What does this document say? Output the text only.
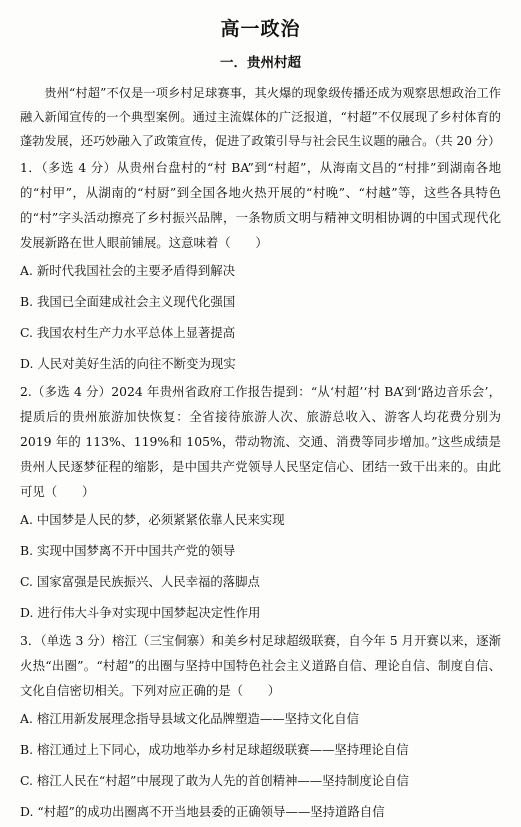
高一政治
一．贵州村超

贵州“村超”不仅是一项乡村足球赛事，其火爆的现象级传播还成为观察思想政治工作融入新闻宣传的一个典型案例。通过主流媒体的广泛报道，“村超”不仅展现了乡村体育的蓬勃发展，还巧妙融入了政策宣传，促进了政策引导与社会民生议题的融合。（共 20 分）

1．（多选 4 分）从贵州台盘村的“村 BA”到“村超”，从海南文昌的“村排”到湖南各地的“村甲”，从湖南的“村厨”到全国各地火热开展的“村晚”、“村越”等，这些各具特色的“村”字头活动擦亮了乡村振兴品牌，一条物质文明与精神文明相协调的中国式现代化发展新路在世人眼前铺展。这意味着（　　）

A. 新时代我国社会的主要矛盾得到解决

B. 我国已全面建成社会主义现代化强国

C. 我国农村生产力水平总体上显著提高

D. 人民对美好生活的向往不断变为现实

2.（多选 4 分）2024 年贵州省政府工作报告提到：“从‘村超’‘村 BA’到‘路边音乐会’，提质后的贵州旅游加快恢复：全省接待旅游人次、旅游总收入、游客人均花费分别为 2019 年的 113%、119%和 105%，带动物流、交通、消费等同步增加。”这些成绩是贵州人民逐梦征程的缩影，是中国共产党领导人民坚定信心、团结一致干出来的。由此可见（　　）

A. 中国梦是人民的梦，必须紧紧依靠人民来实现

B. 实现中国梦离不开中国共产党的领导

C. 国家富强是民族振兴、人民幸福的落脚点

D. 进行伟大斗争对实现中国梦起决定性作用

3．（单选 3 分）榕江（三宝侗寨）和美乡村足球超级联赛，自今年 5 月开赛以来，逐渐火热“出圈”。“村超”的出圈与坚持中国特色社会主义道路自信、理论自信、制度自信、文化自信密切相关。下列对应正确的是（　　）

A. 榕江用新发展理念指导县域文化品牌塑造——坚持文化自信

B. 榕江通过上下同心，成功地举办乡村足球超级联赛——坚持理论自信

C. 榕江人民在“村超”中展现了敢为人先的首创精神——坚持制度论自信

D. “村超”的成功出圈离不开当地县委的正确领导——坚持道路自信
